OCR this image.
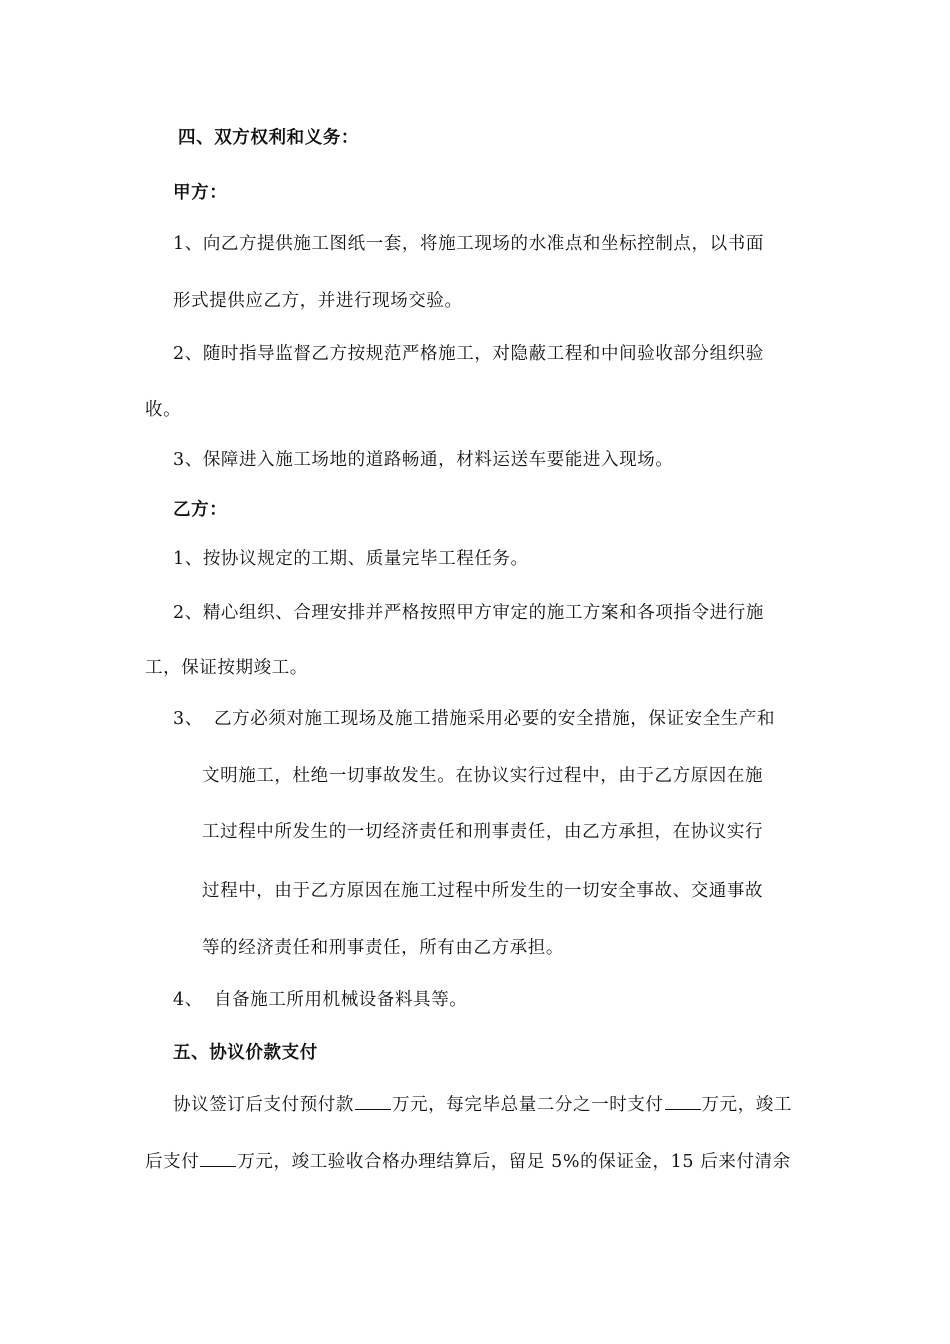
四、双方权利和义务：
甲方：
1、向乙方提供施工图纸一套，将施工现场的水准点和坐标控制点，以书面
形式提供应乙方，并进行现场交验。
2、随时指导监督乙方按规范严格施工，对隐蔽工程和中间验收部分组织验
收。
3、保障进入施工场地的道路畅通，材料运送车要能进入现场。
乙方：
1、按协议规定的工期、质量完毕工程任务。
2、精心组织、合理安排并严格按照甲方审定的施工方案和各项指令进行施
工，保证按期竣工。
3、 乙方必须对施工现场及施工措施采用必要的安全措施，保证安全生产和
文明施工，杜绝一切事故发生。在协议实行过程中，由于乙方原因在施
工过程中所发生的一切经济责任和刑事责任，由乙方承担，在协议实行
过程中，由于乙方原因在施工过程中所发生的一切安全事故、交通事故
等的经济责任和刑事责任，所有由乙方承担。
4、 自备施工所用机械设备料具等。
五、协议价款支付
协议签订后支付预付款 万元，每完毕总量二分之一时支付 万元，竣工
后支付 万元，竣工验收合格办理结算后，留足 5%的保证金，15 后来付清余
